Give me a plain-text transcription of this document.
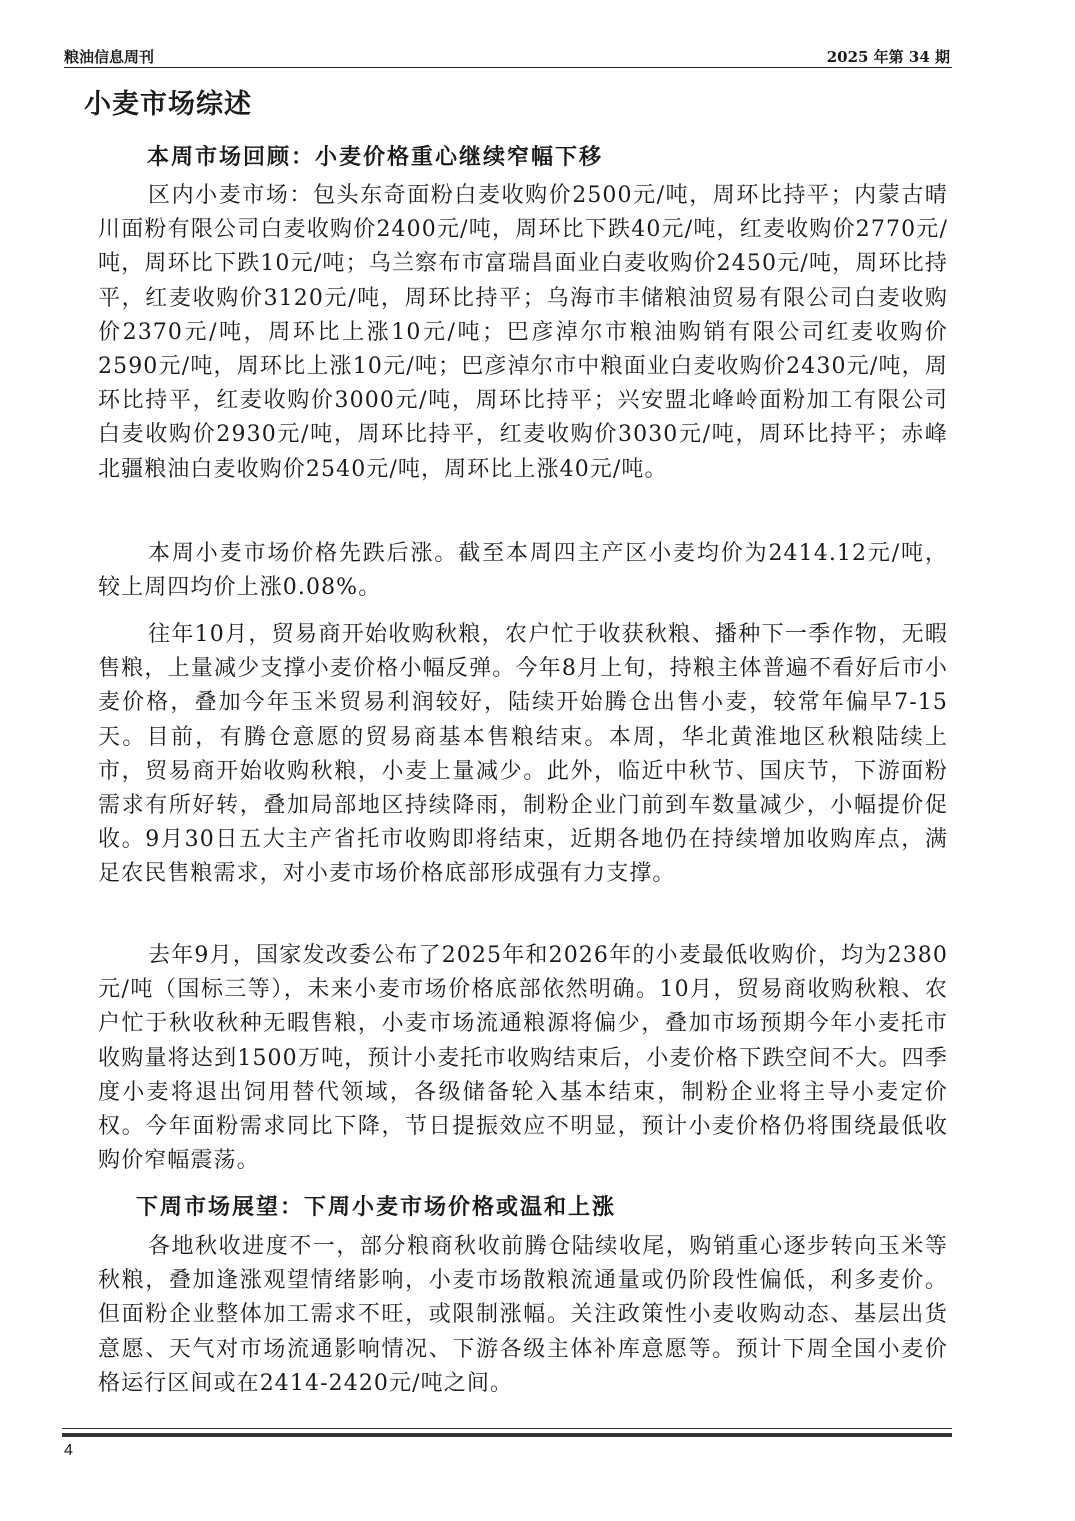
粮油信息周刊	2025 年第 34 期
小麦市场综述
本周市场回顾：小麦价格重心继续窄幅下移

区内小麦市场：包头东奇面粉白麦收购价2500元/吨，周环比持平；内蒙古晴川面粉有限公司白麦收购价2400元/吨，周环比下跌40元/吨，红麦收购价2770元/吨，周环比下跌10元/吨；乌兰察布市富瑞昌面业白麦收购价2450元/吨，周环比持平，红麦收购价3120元/吨，周环比持平；乌海市丰储粮油贸易有限公司白麦收购价2370元/吨，周环比上涨10元/吨；巴彦淖尔市粮油购销有限公司红麦收购价2590元/吨，周环比上涨10元/吨；巴彦淖尔市中粮面业白麦收购价2430元/吨，周环比持平，红麦收购价3000元/吨，周环比持平；兴安盟北峰岭面粉加工有限公司白麦收购价2930元/吨，周环比持平，红麦收购价3030元/吨，周环比持平；赤峰北疆粮油白麦收购价2540元/吨，周环比上涨40元/吨。

本周小麦市场价格先跌后涨。截至本周四主产区小麦均价为2414.12元/吨，较上周四均价上涨0.08%。

往年10月，贸易商开始收购秋粮，农户忙于收获秋粮、播种下一季作物，无暇售粮，上量减少支撑小麦价格小幅反弹。今年8月上旬，持粮主体普遍不看好后市小麦价格，叠加今年玉米贸易利润较好，陆续开始腾仓出售小麦，较常年偏早7-15天。目前，有腾仓意愿的贸易商基本售粮结束。本周，华北黄淮地区秋粮陆续上市，贸易商开始收购秋粮，小麦上量减少。此外，临近中秋节、国庆节，下游面粉需求有所好转，叠加局部地区持续降雨，制粉企业门前到车数量减少，小幅提价促收。9月30日五大主产省托市收购即将结束，近期各地仍在持续增加收购库点，满足农民售粮需求，对小麦市场价格底部形成强有力支撑。

去年9月，国家发改委公布了2025年和2026年的小麦最低收购价，均为2380元/吨（国标三等），未来小麦市场价格底部依然明确。10月，贸易商收购秋粮、农户忙于秋收秋种无暇售粮，小麦市场流通粮源将偏少，叠加市场预期今年小麦托市收购量将达到1500万吨，预计小麦托市收购结束后，小麦价格下跌空间不大。四季度小麦将退出饲用替代领域，各级储备轮入基本结束，制粉企业将主导小麦定价权。今年面粉需求同比下降，节日提振效应不明显，预计小麦价格仍将围绕最低收购价窄幅震荡。

下周市场展望：下周小麦市场价格或温和上涨

各地秋收进度不一，部分粮商秋收前腾仓陆续收尾，购销重心逐步转向玉米等秋粮，叠加逢涨观望情绪影响，小麦市场散粮流通量或仍阶段性偏低，利多麦价。但面粉企业整体加工需求不旺，或限制涨幅。关注政策性小麦收购动态、基层出货意愿、天气对市场流通影响情况、下游各级主体补库意愿等。预计下周全国小麦价格运行区间或在2414-2420元/吨之间。

4
